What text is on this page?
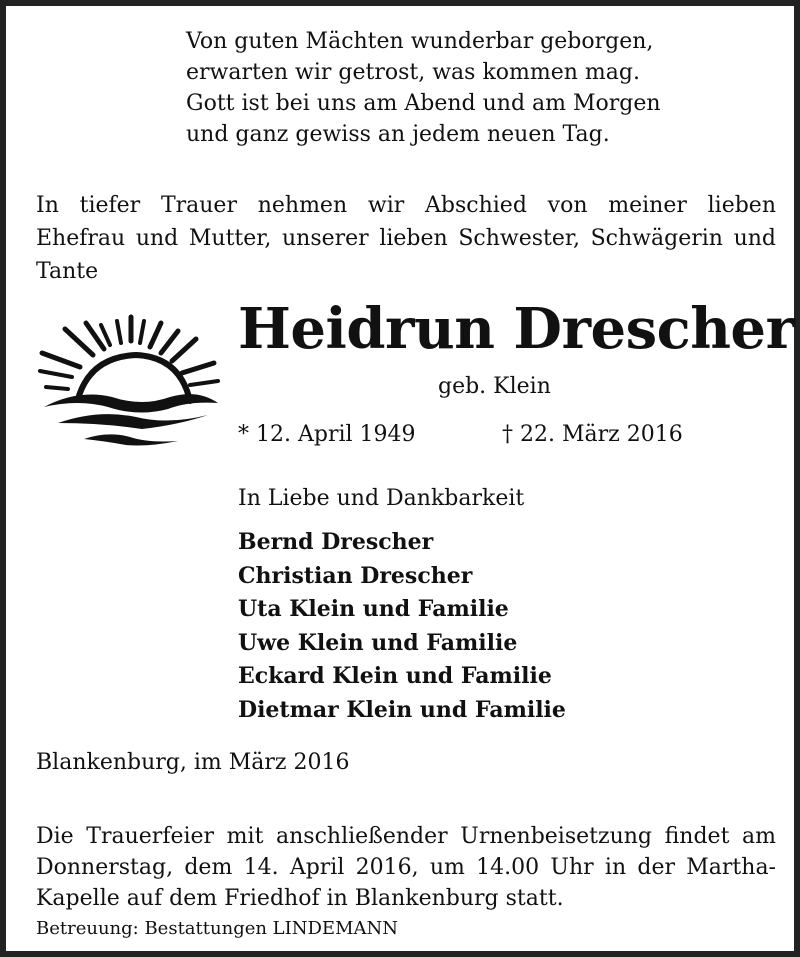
Von guten Mächten wunderbar geborgen,
erwarten wir getrost, was kommen mag.
Gott ist bei uns am Abend und am Morgen
und ganz gewiss an jedem neuen Tag.
In tiefer Trauer nehmen wir Abschied von meiner lieben
Ehefrau und Mutter, unserer lieben Schwester, Schwägerin und
Tante
Heidrun Drescher
geb. Klein
* 12. April 1949	† 22. März 2016
In Liebe und Dankbarkeit
Bernd Drescher
Christian Drescher
Uta Klein und Familie
Uwe Klein und Familie
Eckard Klein und Familie
Dietmar Klein und Familie
Blankenburg, im März 2016
Die Trauerfeier mit anschließender Urnenbeisetzung findet am
Donnerstag, dem 14. April 2016, um 14.00 Uhr in der Martha-
Kapelle auf dem Friedhof in Blankenburg statt.
Betreuung: Bestattungen LINDEMANN
